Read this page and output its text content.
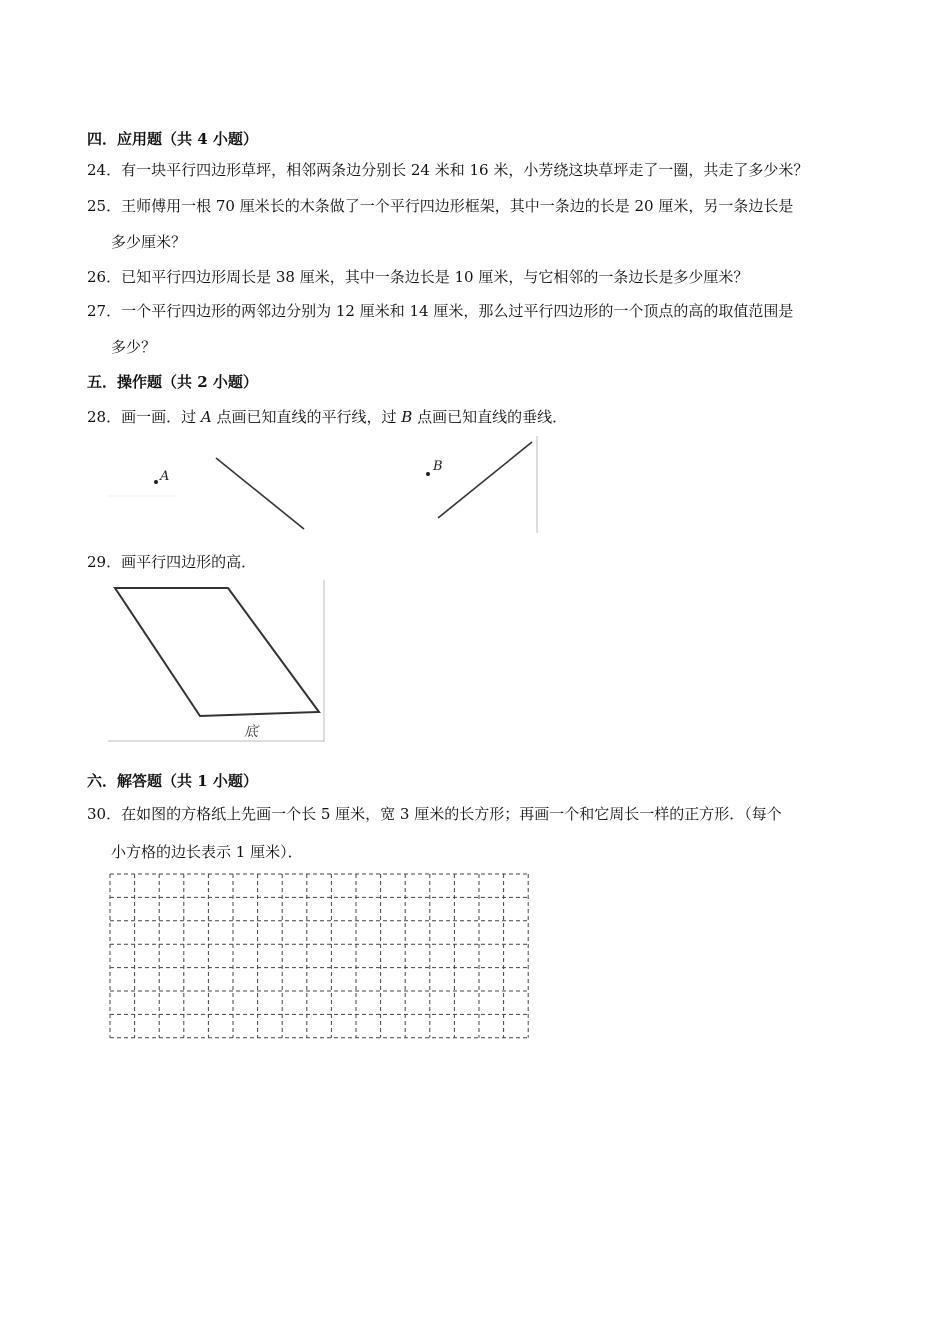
四．应用题（共 4 小题）
24．有一块平行四边形草坪，相邻两条边分别长 24 米和 16 米，小芳绕这块草坪走了一圈，共走了多少米？
25．王师傅用一根 70 厘米长的木条做了一个平行四边形框架，其中一条边的长是 20 厘米，另一条边长是
多少厘米？
26．已知平行四边形周长是 38 厘米，其中一条边长是 10 厘米，与它相邻的一条边长是多少厘米？
27．一个平行四边形的两邻边分别为 12 厘米和 14 厘米，那么过平行四边形的一个顶点的高的取值范围是
多少？
五．操作题（共 2 小题）
28．画一画．过 A 点画已知直线的平行线，过 B 点画已知直线的垂线．
A
B
29．画平行四边形的高．
底
六．解答题（共 1 小题）
30．在如图的方格纸上先画一个长 5 厘米，宽 3 厘米的长方形；再画一个和它周长一样的正方形．（每个
小方格的边长表示 1 厘米）．
